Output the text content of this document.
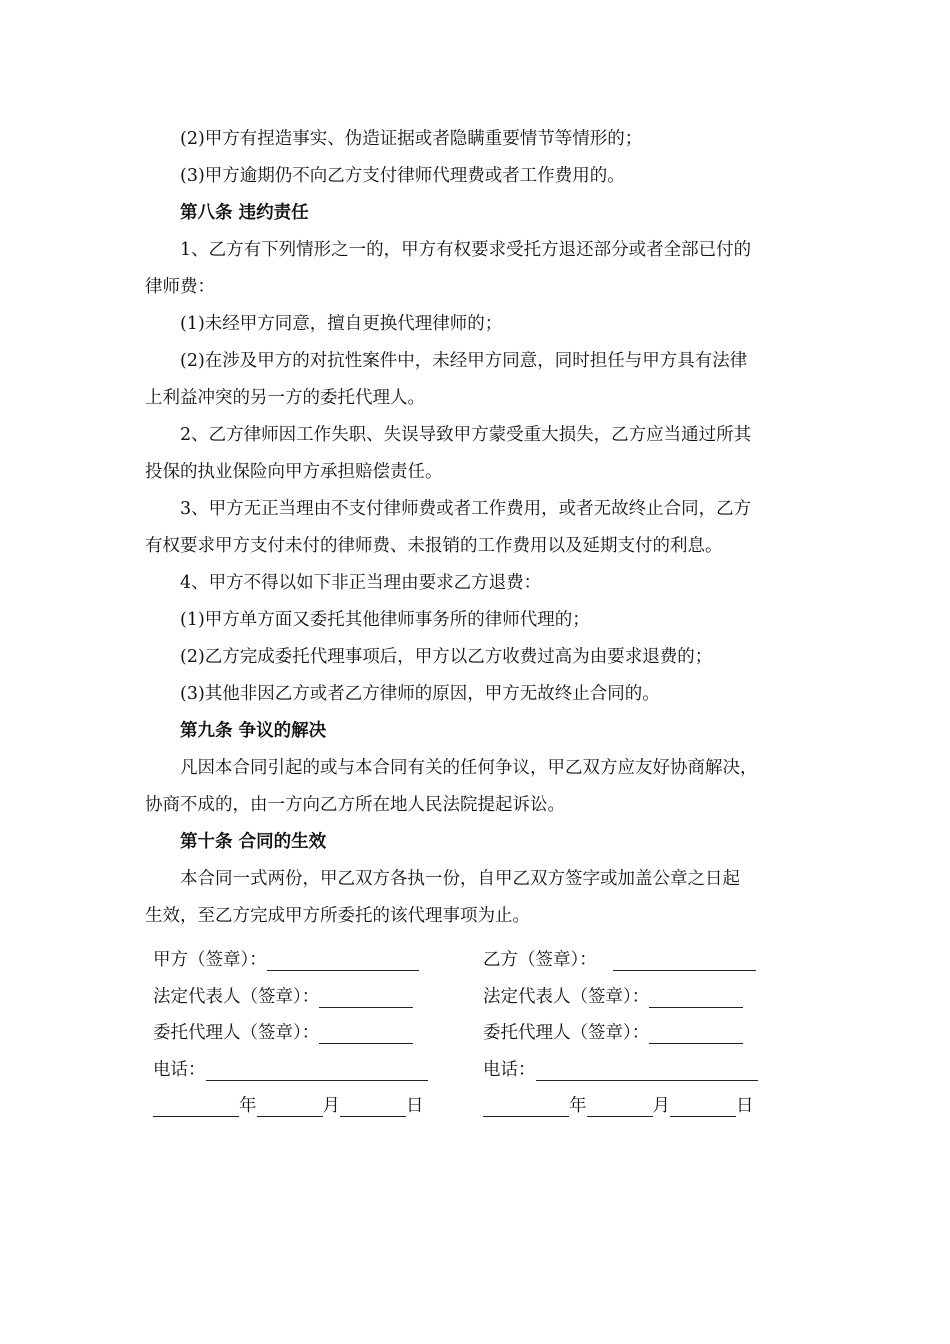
(2)甲方有捏造事实、伪造证据或者隐瞒重要情节等情形的；
(3)甲方逾期仍不向乙方支付律师代理费或者工作费用的。
第八条 违约责任
1、乙方有下列情形之一的，甲方有权要求受托方退还部分或者全部已付的
律师费：
(1)未经甲方同意，擅自更换代理律师的；
(2)在涉及甲方的对抗性案件中，未经甲方同意，同时担任与甲方具有法律
上利益冲突的另一方的委托代理人。
2、乙方律师因工作失职、失误导致甲方蒙受重大损失，乙方应当通过所其
投保的执业保险向甲方承担赔偿责任。
3、甲方无正当理由不支付律师费或者工作费用，或者无故终止合同，乙方
有权要求甲方支付未付的律师费、未报销的工作费用以及延期支付的利息。
4、甲方不得以如下非正当理由要求乙方退费：
(1)甲方单方面又委托其他律师事务所的律师代理的；
(2)乙方完成委托代理事项后，甲方以乙方收费过高为由要求退费的；
(3)其他非因乙方或者乙方律师的原因，甲方无故终止合同的。
第九条 争议的解决
凡因本合同引起的或与本合同有关的任何争议，甲乙双方应友好协商解决，
协商不成的，由一方向乙方所在地人民法院提起诉讼。
第十条 合同的生效
本合同一式两份，甲乙双方各执一份，自甲乙双方签字或加盖公章之日起
生效，至乙方完成甲方所委托的该代理事项为止。
甲方（签章）：	乙方（签章）：
法定代表人（签章）：	法定代表人（签章）：
委托代理人（签章）：	委托代理人（签章）：
电话：	电话：
年	月	日	年	月	日
